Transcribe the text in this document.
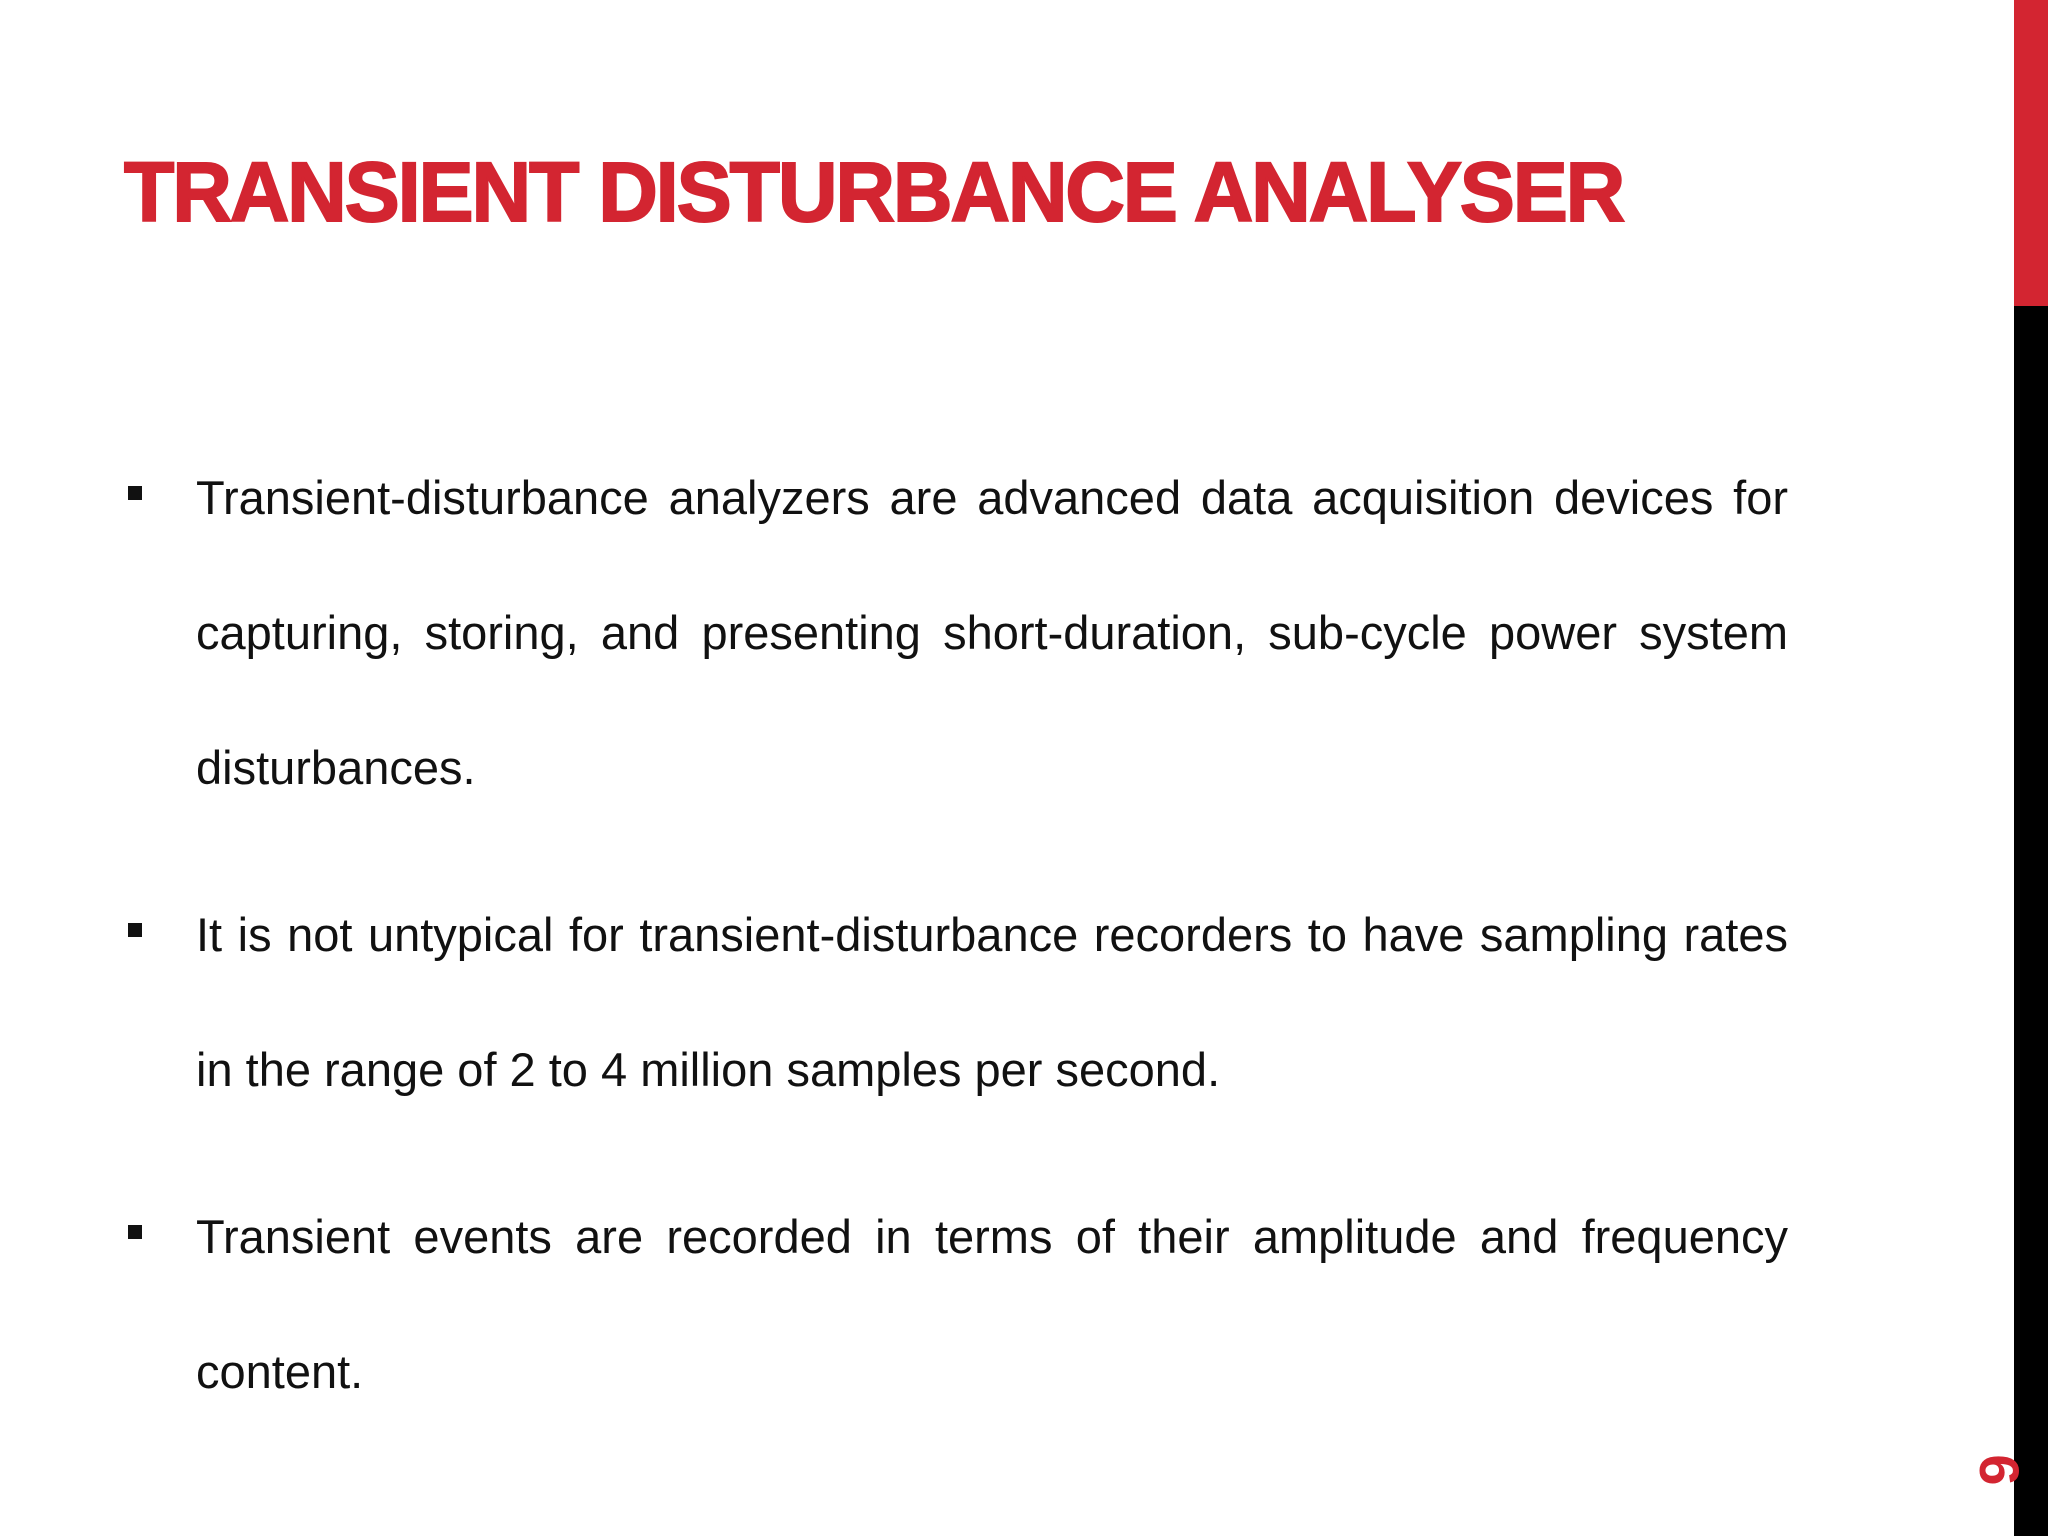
TRANSIENT DISTURBANCE ANALYSER
Transient-disturbance analyzers are advanced data acquisition devices for capturing, storing, and presenting short-duration, sub-cycle power system disturbances.
It is not untypical for transient-disturbance recorders to have sampling rates in the range of 2 to 4 million samples per second.
Transient events are recorded in terms of their amplitude and frequency content.
6
